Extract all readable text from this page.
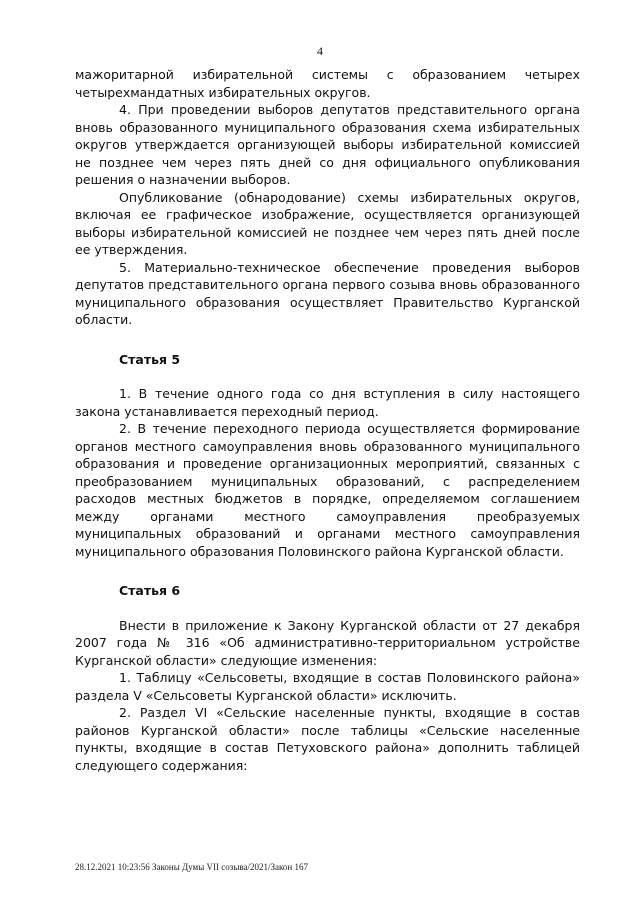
4

мажоритарной избирательной системы с образованием четырех четырехмандатных избирательных округов.

4. При проведении выборов депутатов представительного органа вновь образованного муниципального образования схема избирательных округов утверждается организующей выборы избирательной комиссией не позднее чем через пять дней со дня официального опубликования решения о назначении выборов.

Опубликование (обнародование) схемы избирательных округов, включая ее графическое изображение, осуществляется организующей выборы избирательной комиссией не позднее чем через пять дней после ее утверждения.

5. Материально-техническое обеспечение проведения выборов депутатов представительного органа первого созыва вновь образованного муниципального образования осуществляет Правительство Курганской области.

Статья 5

1. В течение одного года со дня вступления в силу настоящего закона устанавливается переходный период.

2. В течение переходного периода осуществляется формирование органов местного самоуправления вновь образованного муниципального образования и проведение организационных мероприятий, связанных с преобразованием муниципальных образований, с распределением расходов местных бюджетов в порядке, определяемом соглашением между органами местного самоуправления преобразуемых муниципальных образований и органами местного самоуправления муниципального образования Половинского района Курганской области.

Статья 6

Внести в приложение к Закону Курганской области от 27 декабря 2007 года № 316 «Об административно-территориальном устройстве Курганской области» следующие изменения:

1. Таблицу «Сельсоветы, входящие в состав Половинского района» раздела V «Сельсоветы Курганской области» исключить.

2. Раздел VI «Сельские населенные пункты, входящие в состав районов Курганской области» после таблицы «Сельские населенные пункты, входящие в состав Петуховского района» дополнить таблицей следующего содержания:

28.12.2021 10:23:56 Законы Думы VII созыва/2021/Закон 167
